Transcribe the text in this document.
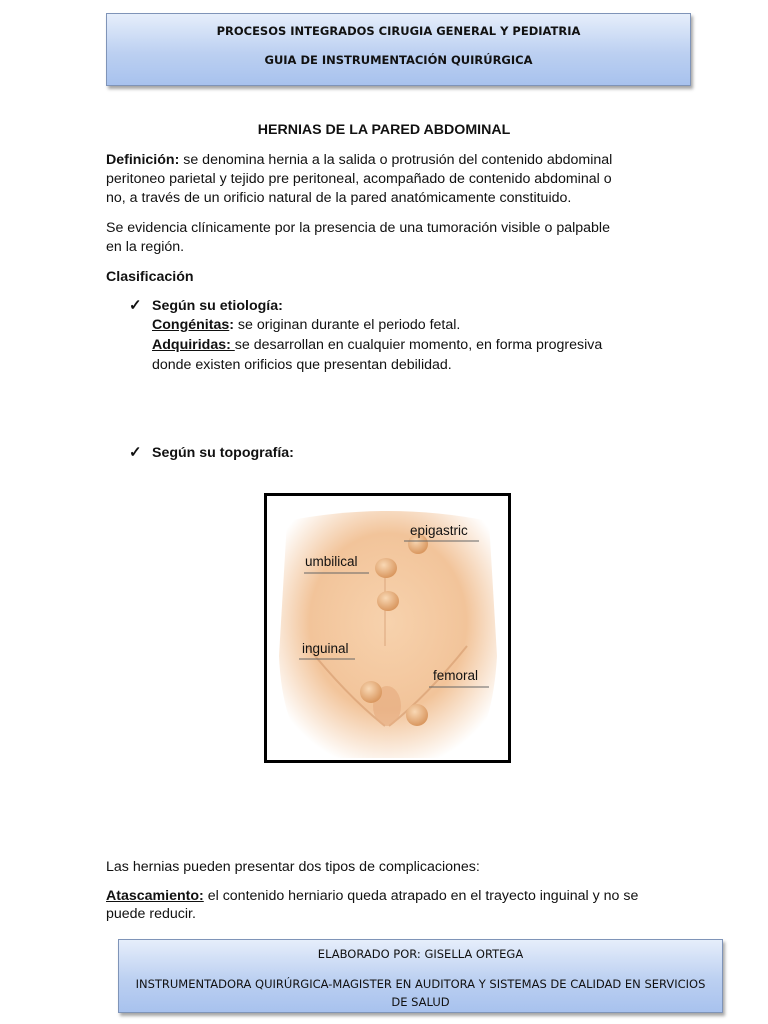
PROCESOS INTEGRADOS CIRUGIA GENERAL Y PEDIATRIA
GUIA DE INSTRUMENTACIÓN QUIRÚRGICA
HERNIAS DE LA PARED ABDOMINAL
Definición: se denomina hernia a la salida o protrusión del contenido abdominal
peritoneo parietal y tejido pre peritoneal, acompañado de contenido abdominal o
no, a través de un orificio natural de la pared anatómicamente constituido.
Se evidencia clínicamente por la presencia de una tumoración visible o palpable
en la región.
Clasificación
✓ Según su etiología:
Congénitas: se originan durante el periodo fetal.
Adquiridas: se desarrollan en cualquier momento, en forma progresiva
donde existen orificios que presentan debilidad.
✓ Según su topografía:
epigastric
umbilical
inguinal
femoral
Las hernias pueden presentar dos tipos de complicaciones:
Atascamiento: el contenido herniario queda atrapado en el trayecto inguinal y no se
puede reducir.
ELABORADO POR: GISELLA ORTEGA
INSTRUMENTADORA QUIRÚRGICA-MAGISTER EN AUDITORA Y SISTEMAS DE CALIDAD EN SERVICIOS DE SALUD
